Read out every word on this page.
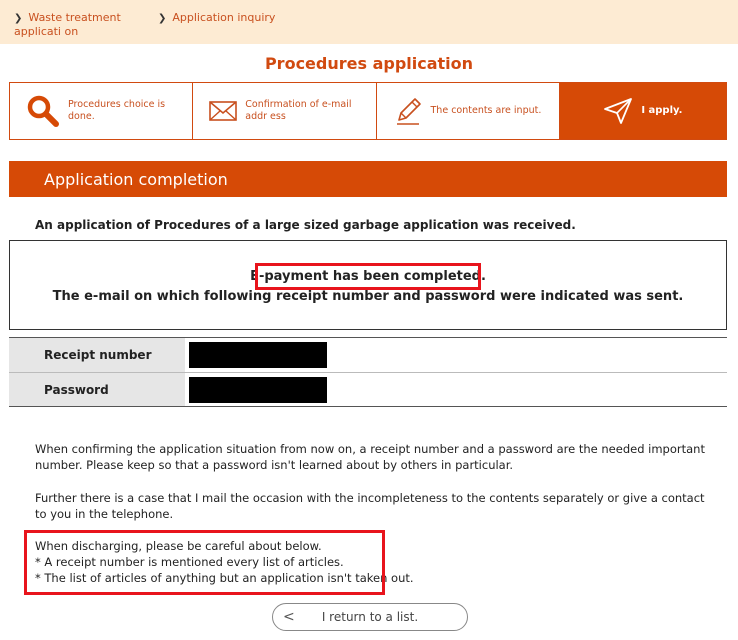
❯ Waste treatment applicati on
❯ Application inquiry
Procedures application
Procedures choice is done.
Confirmation of e-mail addr ess
The contents are input.	I apply.
Application completion
An application of Procedures of a large sized garbage application was received.
E-payment has been completed.
The e-mail on which following receipt number and password were indicated was sent.
Receipt number
Password
When confirming the application situation from now on, a receipt number and a password are the needed important number. Please keep so that a password isn't learned about by others in particular.
Further there is a case that I mail the occasion with the incompleteness to the contents separately or give a contact to you in the telephone.
When discharging, please be careful about below.
* A receipt number is mentioned every list of articles.
* The list of articles of anything but an application isn't taken out.
< I return to a list.
